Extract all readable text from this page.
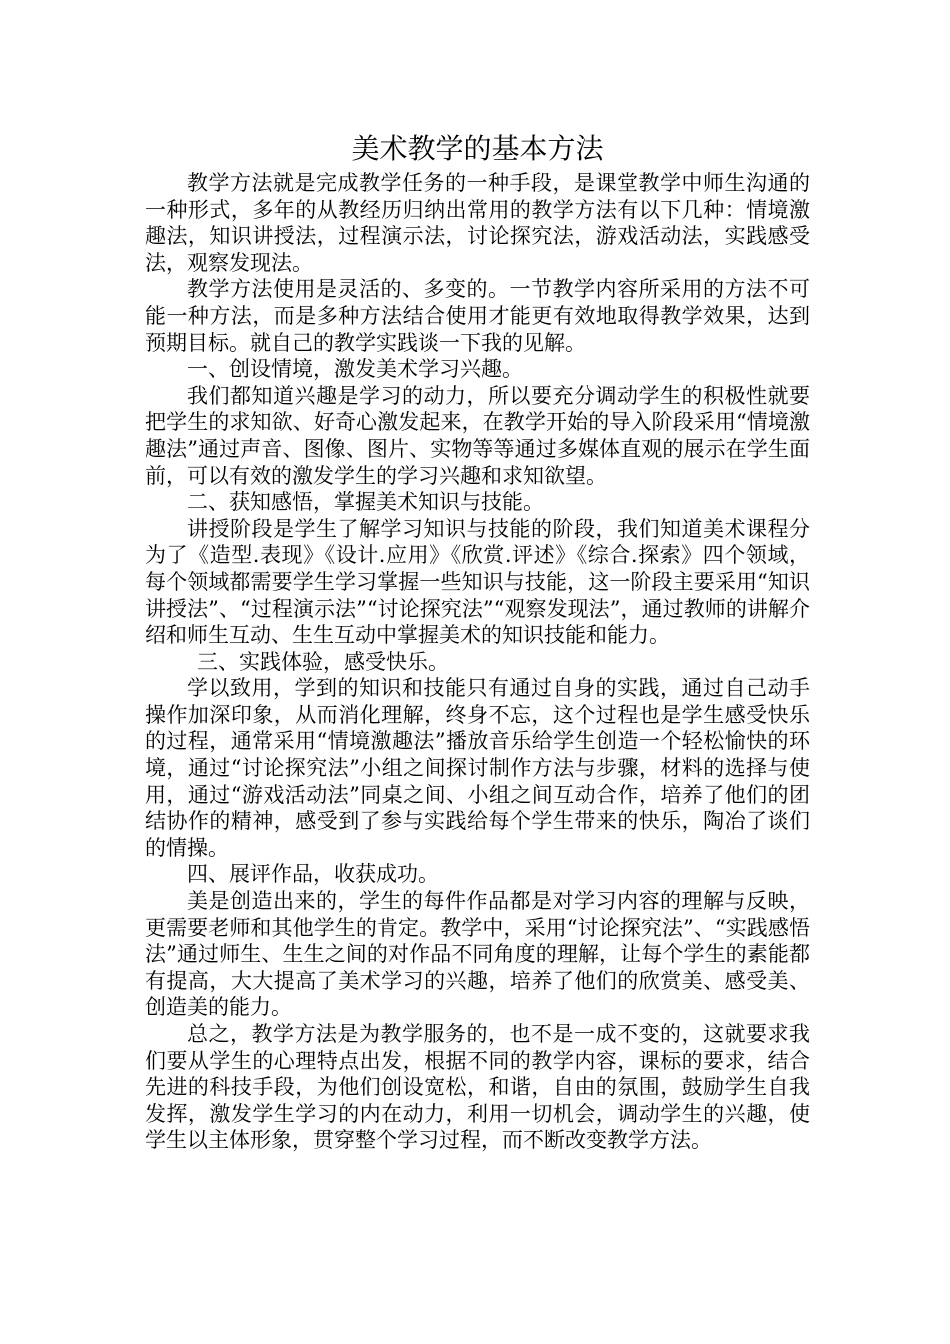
美术教学的基本方法

教学方法就是完成教学任务的一种手段，是课堂教学中师生沟通的一种形式，多年的从教经历归纳出常用的教学方法有以下几种：情境激趣法，知识讲授法，过程演示法，讨论探究法，游戏活动法，实践感受法，观察发现法。

教学方法使用是灵活的、多变的。一节教学内容所采用的方法不可能一种方法，而是多种方法结合使用才能更有效地取得教学效果，达到预期目标。就自己的教学实践谈一下我的见解。

一、创设情境，激发美术学习兴趣。

我们都知道兴趣是学习的动力，所以要充分调动学生的积极性就要把学生的求知欲、好奇心激发起来，在教学开始的导入阶段采用“情境激趣法”通过声音、图像、图片、实物等等通过多媒体直观的展示在学生面前，可以有效的激发学生的学习兴趣和求知欲望。

二、获知感悟，掌握美术知识与技能。

讲授阶段是学生了解学习知识与技能的阶段，我们知道美术课程分为了《造型.表现》《设计.应用》《欣赏.评述》《综合.探索》四个领域，每个领域都需要学生学习掌握一些知识与技能，这一阶段主要采用“知识讲授法”、“过程演示法”“讨论探究法”“观察发现法”，通过教师的讲解介绍和师生互动、生生互动中掌握美术的知识技能和能力。

三、实践体验，感受快乐。

学以致用，学到的知识和技能只有通过自身的实践，通过自己动手操作加深印象，从而消化理解，终身不忘，这个过程也是学生感受快乐的过程，通常采用“情境激趣法”播放音乐给学生创造一个轻松愉快的环境，通过“讨论探究法”小组之间探讨制作方法与步骤，材料的选择与使用，通过“游戏活动法”同桌之间、小组之间互动合作，培养了他们的团结协作的精神，感受到了参与实践给每个学生带来的快乐，陶冶了谈们的情操。

四、展评作品，收获成功。

美是创造出来的，学生的每件作品都是对学习内容的理解与反映，更需要老师和其他学生的肯定。教学中，采用“讨论探究法”、“实践感悟法”通过师生、生生之间的对作品不同角度的理解，让每个学生的素能都有提高，大大提高了美术学习的兴趣，培养了他们的欣赏美、感受美、创造美的能力。

总之，教学方法是为教学服务的，也不是一成不变的，这就要求我们要从学生的心理特点出发，根据不同的教学内容，课标的要求，结合先进的科技手段，为他们创设宽松，和谐，自由的氛围，鼓励学生自我发挥，激发学生学习的内在动力，利用一切机会，调动学生的兴趣，使学生以主体形象，贯穿整个学习过程，而不断改变教学方法。
